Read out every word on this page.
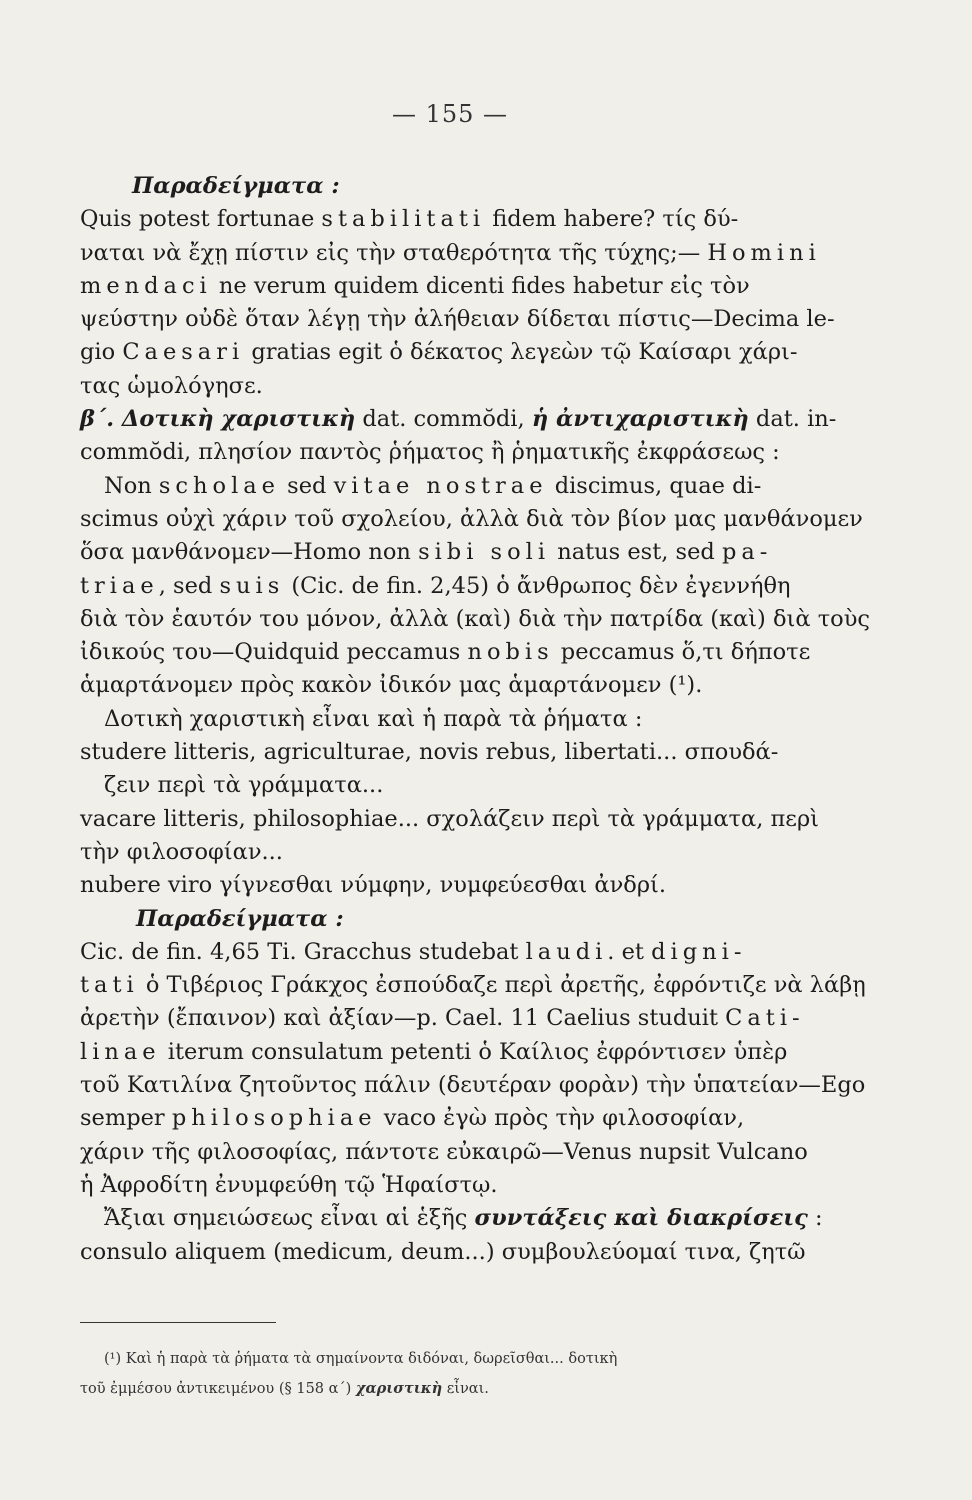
— 155 —
Παραδείγματα :
Quis potest fortunae stabilitati fidem habere? τίς δύ-
ναται νὰ ἔχῃ πίστιν εἰς τὴν σταθερότητα τῆς τύχης;— Homini
mendaci ne verum quidem dicenti fides habetur εἰς τὸν
ψεύστην οὐδὲ ὅταν λέγῃ τὴν ἀλήθειαν δίδεται πίστις—Decima le-
gio Caesari gratias egit ὁ δέκατος λεγεὼν τῷ Καίσαρι χάρι-
τας ὡμολόγησε.
β΄. Δοτικὴ χαριστικὴ dat. commŏdi, ἡ ἀντιχαριστικὴ dat. in-
commŏdi, πλησίον παντὸς ῥήματος ἢ ῥηματικῆς ἐκφράσεως :
Non scholae sed vitae nostrae discimus, quae di-
scimus οὐχὶ χάριν τοῦ σχολείου, ἀλλὰ διὰ τὸν βίον μας μανθάνομεν
ὅσα μανθάνομεν—Homo non sibi soli natus est, sed pa-
triae, sed suis (Cic. de fin. 2,45) ὁ ἄνθρωπος δὲν ἐγεννήθη
διὰ τὸν ἑαυτόν του μόνον, ἀλλὰ (καὶ) διὰ τὴν πατρίδα (καὶ) διὰ τοὺς
ἰδικούς του—Quidquid peccamus nobis peccamus ὅ,τι δήποτε
ἁμαρτάνομεν πρὸς κακὸν ἰδικόν μας ἁμαρτάνομεν (¹).
Δοτικὴ χαριστικὴ εἶναι καὶ ἡ παρὰ τὰ ῥήματα :
studere litteris, agriculturae, novis rebus, libertati... σπουδά-
ζειν περὶ τὰ γράμματα...
vacare litteris, philosophiae... σχολάζειν περὶ τὰ γράμματα, περὶ
τὴν φιλοσοφίαν...
nubere viro γίγνεσθαι νύμφην, νυμφεύεσθαι ἀνδρί.
Παραδείγματα :
Cic. de fin. 4,65 Ti. Gracchus studebat laudi. et digni-
tati ὁ Τιβέριος Γράκχος ἐσπούδαζε περὶ ἀρετῆς, ἐφρόντιζε νὰ λάβῃ
ἀρετὴν (ἔπαινον) καὶ ἀξίαν—p. Cael. 11 Caelius studuit Cati-
linae iterum consulatum petenti ὁ Καίλιος ἐφρόντισεν ὑπὲρ
τοῦ Κατιλίνα ζητοῦντος πάλιν (δευτέραν φορὰν) τὴν ὑπατείαν—Ego
semper philosophiae vaco ἐγὼ πρὸς τὴν φιλοσοφίαν,
χάριν τῆς φιλοσοφίας, πάντοτε εὐκαιρῶ—Venus nupsit Vulcano
ἡ Ἀφροδίτη ἐνυμφεύθη τῷ Ἡφαίστῳ.
Ἄξιαι σημειώσεως εἶναι αἱ ἑξῆς συντάξεις καὶ διακρίσεις :
consulo aliquem (medicum, deum...) συμβουλεύομαί τινα, ζητῶ
(¹) Καὶ ἡ παρὰ τὰ ῥήματα τὰ σημαίνοντα διδόναι, δωρεῖσθαι... δοτικὴ
τοῦ ἐμμέσου ἀντικειμένου (§ 158 α΄) χαριστικὴ εἶναι.
